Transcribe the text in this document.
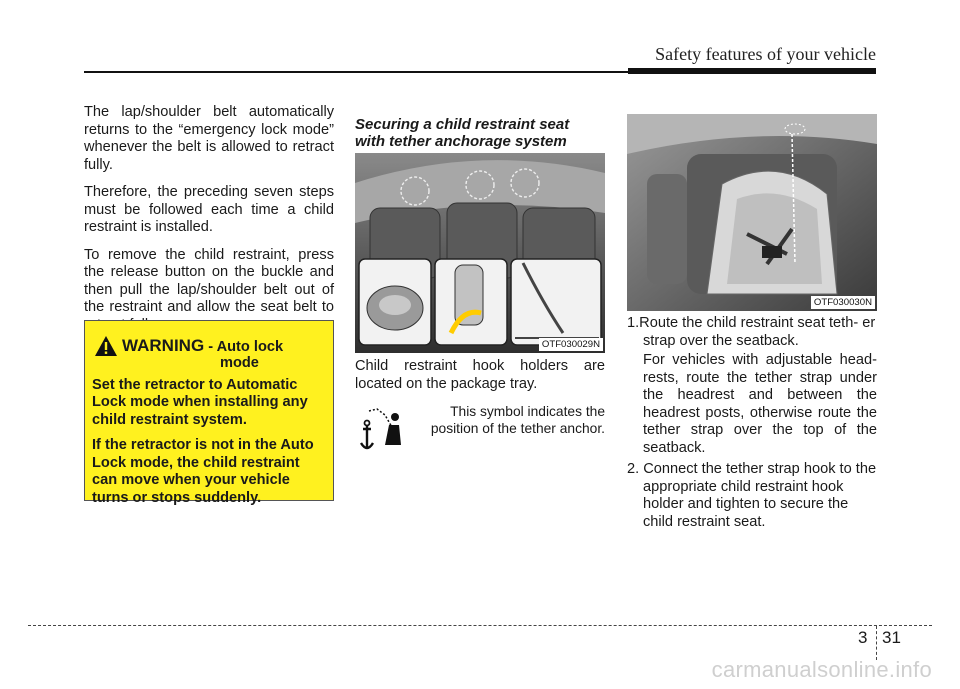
Safety features of your vehicle

The lap/shoulder belt automatically returns to the “emergency lock mode” whenever the belt is allowed to retract fully.

Therefore, the preceding seven steps must be followed each time a child restraint is installed.

To remove the child restraint, press the release button on the buckle and then pull the lap/shoulder belt out of the restraint and allow the seat belt to

WARNING - Auto lock
mode

Set the retractor to Automatic Lock mode when installing any child restraint system.

If the retractor is not in the Auto Lock mode, the child restraint can move when your vehicle turns or stops suddenly.

Securing a child restraint seat
with tether anchorage system
OTF030029N

Child restraint hook holders are located on the package tray.

This symbol indicates the position of the tether anchor.
OTF030030N
1.Route the child restraint seat teth- er strap over the seatback.
For vehicles with adjustable head- rests, route the tether strap under the headrest and between the headrest posts, otherwise route the tether strap over the top of the seatback.
2. Connect the tether strap hook to the appropriate child restraint hook holder and tighten to secure the child restraint seat.
3 31
carmanualsonline.info
